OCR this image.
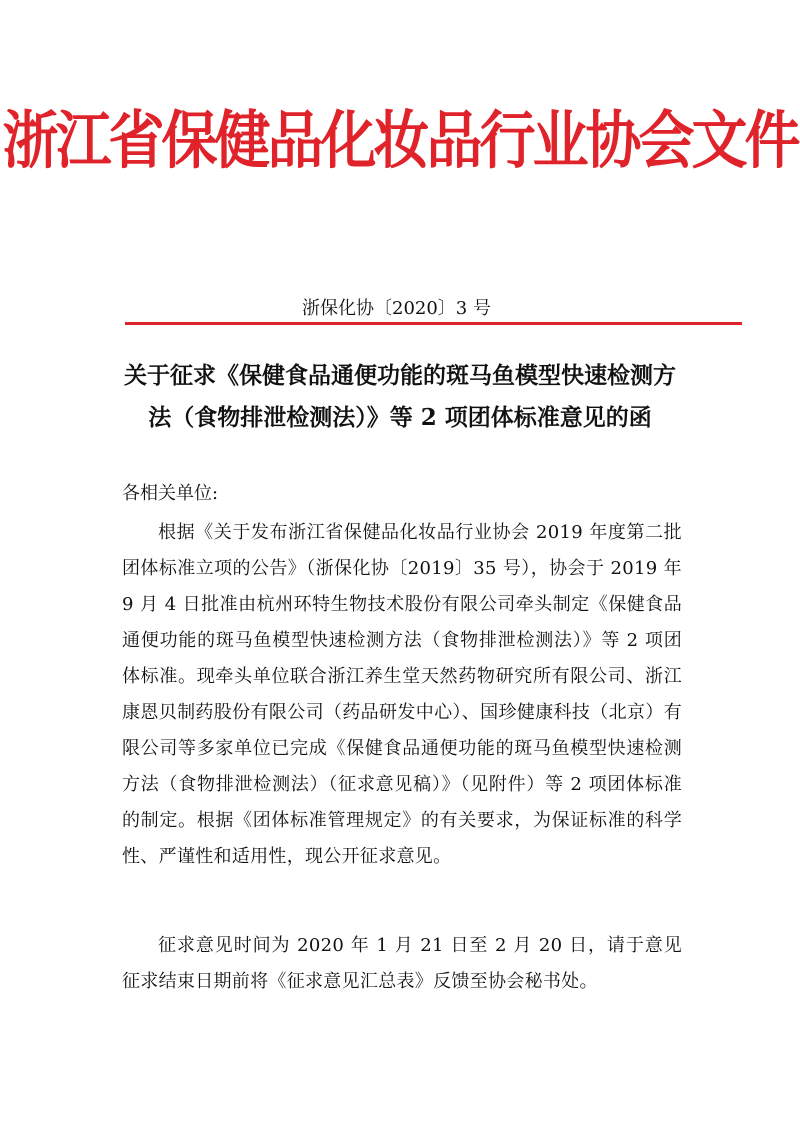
浙江省保健品化妆品行业协会文件
浙保化协〔2020〕3 号
关于征求《保健食品通便功能的斑马鱼模型快速检测方
法（食物排泄检测法）》等 2 项团体标准意见的函
各相关单位:

根据《关于发布浙江省保健品化妆品行业协会 2019 年度第二批团体标准立项的公告》（浙保化协〔2019〕35 号），协会于 2019 年 9 月 4 日批准由杭州环特生物技术股份有限公司牵头制定《保健食品通便功能的斑马鱼模型快速检测方法（食物排泄检测法）》等 2 项团体标准。现牵头单位联合浙江养生堂天然药物研究所有限公司、浙江康恩贝制药股份有限公司（药品研发中心）、国珍健康科技（北京）有限公司等多家单位已完成《保健食品通便功能的斑马鱼模型快速检测方法（食物排泄检测法）（征求意见稿）》（见附件）等 2 项团体标准的制定。根据《团体标准管理规定》的有关要求，为保证标准的科学性、严谨性和适用性，现公开征求意见。

征求意见时间为 2020 年 1 月 21 日至 2 月 20 日，请于意见征求结束日期前将《征求意见汇总表》反馈至协会秘书处。
